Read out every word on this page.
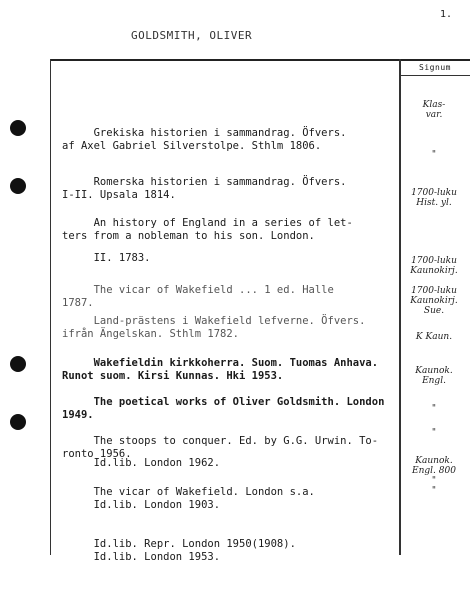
1.
GOLDSMITH, OLIVER
Signum

Grekiska historien i sammandrag. Öfvers.
af Axel Gabriel Silverstolpe. Sthlm 1806.

Klas-
var.

Romerska historien i sammandrag. Öfvers.
I-II. Upsala 1814.

"

An history of England in a series of let-
ters from a nobleman to his son. London.

1700-luku
Hist. yl.

II. 1783.

The vicar of Wakefield ... 1 ed. Halle
1787.

1700-luku
Kaunokirj.

Land-prästens i Wakefield lefverne. Öfvers.
ifrån Ängelskan. Sthlm 1782.

1700-luku
Kaunokirj.
Sue.

Wakefieldin kirkkoherra. Suom. Tuomas Anhava.
Runot suom. Kirsi Kunnas. Hki 1953.

K Kaun.

The poetical works of Oliver Goldsmith. London
1949.

Kaunok.
Engl.

The stoops to conquer. Ed. by G.G. Urwin. To-
ronto 1956.

"

Id.lib. London 1962.

"

The vicar of Wakefield. London s.a.
Id.lib. London 1903.

Id.lib. Repr. London 1950(1908).
Id.lib. London 1953.

Kaunok.
Engl. 800
"
"
